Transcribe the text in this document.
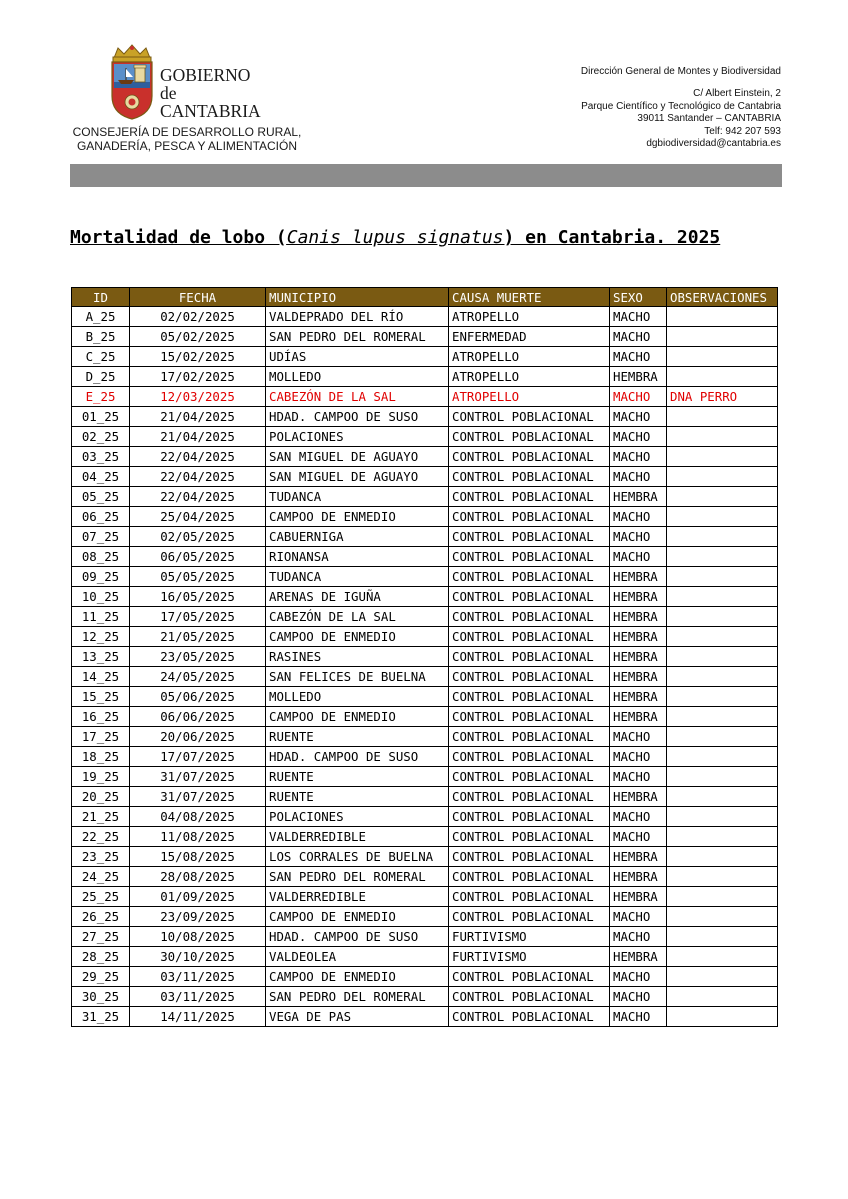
GOBIERNO
de
CANTABRIA
CONSEJERÍA DE DESARROLLO RURAL,
GANADERÍA, PESCA Y ALIMENTACIÓN
Dirección General de Montes y Biodiversidad
C/ Albert Einstein, 2
Parque Científico y Tecnológico de Cantabria
39011 Santander – CANTABRIA
Telf: 942 207 593
dgbiodiversidad@cantabria.es
Mortalidad de lobo (Canis lupus signatus) en Cantabria. 2025
ID	FECHA	MUNICIPIO	CAUSA MUERTE	SEXO	OBSERVACIONES
A_25	02/02/2025	VALDEPRADO DEL RÍO	ATROPELLO	MACHO	
B_25	05/02/2025	SAN PEDRO DEL ROMERAL	ENFERMEDAD	MACHO	
C_25	15/02/2025	UDÍAS	ATROPELLO	MACHO	
D_25	17/02/2025	MOLLEDO	ATROPELLO	HEMBRA	
E_25	12/03/2025	CABEZÓN DE LA SAL	ATROPELLO	MACHO	DNA PERRO
01_25	21/04/2025	HDAD. CAMPOO DE SUSO	CONTROL POBLACIONAL	MACHO	
02_25	21/04/2025	POLACIONES	CONTROL POBLACIONAL	MACHO	
03_25	22/04/2025	SAN MIGUEL DE AGUAYO	CONTROL POBLACIONAL	MACHO	
04_25	22/04/2025	SAN MIGUEL DE AGUAYO	CONTROL POBLACIONAL	MACHO	
05_25	22/04/2025	TUDANCA	CONTROL POBLACIONAL	HEMBRA	
06_25	25/04/2025	CAMPOO DE ENMEDIO	CONTROL POBLACIONAL	MACHO	
07_25	02/05/2025	CABUERNIGA	CONTROL POBLACIONAL	MACHO	
08_25	06/05/2025	RIONANSA	CONTROL POBLACIONAL	MACHO	
09_25	05/05/2025	TUDANCA	CONTROL POBLACIONAL	HEMBRA	
10_25	16/05/2025	ARENAS DE IGUÑA	CONTROL POBLACIONAL	HEMBRA	
11_25	17/05/2025	CABEZÓN DE LA SAL	CONTROL POBLACIONAL	HEMBRA	
12_25	21/05/2025	CAMPOO DE ENMEDIO	CONTROL POBLACIONAL	HEMBRA	
13_25	23/05/2025	RASINES	CONTROL POBLACIONAL	HEMBRA	
14_25	24/05/2025	SAN FELICES DE BUELNA	CONTROL POBLACIONAL	HEMBRA	
15_25	05/06/2025	MOLLEDO	CONTROL POBLACIONAL	HEMBRA	
16_25	06/06/2025	CAMPOO DE ENMEDIO	CONTROL POBLACIONAL	HEMBRA	
17_25	20/06/2025	RUENTE	CONTROL POBLACIONAL	MACHO	
18_25	17/07/2025	HDAD. CAMPOO DE SUSO	CONTROL POBLACIONAL	MACHO	
19_25	31/07/2025	RUENTE	CONTROL POBLACIONAL	MACHO	
20_25	31/07/2025	RUENTE	CONTROL POBLACIONAL	HEMBRA	
21_25	04/08/2025	POLACIONES	CONTROL POBLACIONAL	MACHO	
22_25	11/08/2025	VALDERREDIBLE	CONTROL POBLACIONAL	MACHO	
23_25	15/08/2025	LOS CORRALES DE BUELNA	CONTROL POBLACIONAL	HEMBRA	
24_25	28/08/2025	SAN PEDRO DEL ROMERAL	CONTROL POBLACIONAL	HEMBRA	
25_25	01/09/2025	VALDERREDIBLE	CONTROL POBLACIONAL	HEMBRA	
26_25	23/09/2025	CAMPOO DE ENMEDIO	CONTROL POBLACIONAL	MACHO	
27_25	10/08/2025	HDAD. CAMPOO DE SUSO	FURTIVISMO	MACHO	
28_25	30/10/2025	VALDEOLEA	FURTIVISMO	HEMBRA	
29_25	03/11/2025	CAMPOO DE ENMEDIO	CONTROL POBLACIONAL	MACHO	
30_25	03/11/2025	SAN PEDRO DEL ROMERAL	CONTROL POBLACIONAL	MACHO	
31_25	14/11/2025	VEGA DE PAS	CONTROL POBLACIONAL	MACHO	
